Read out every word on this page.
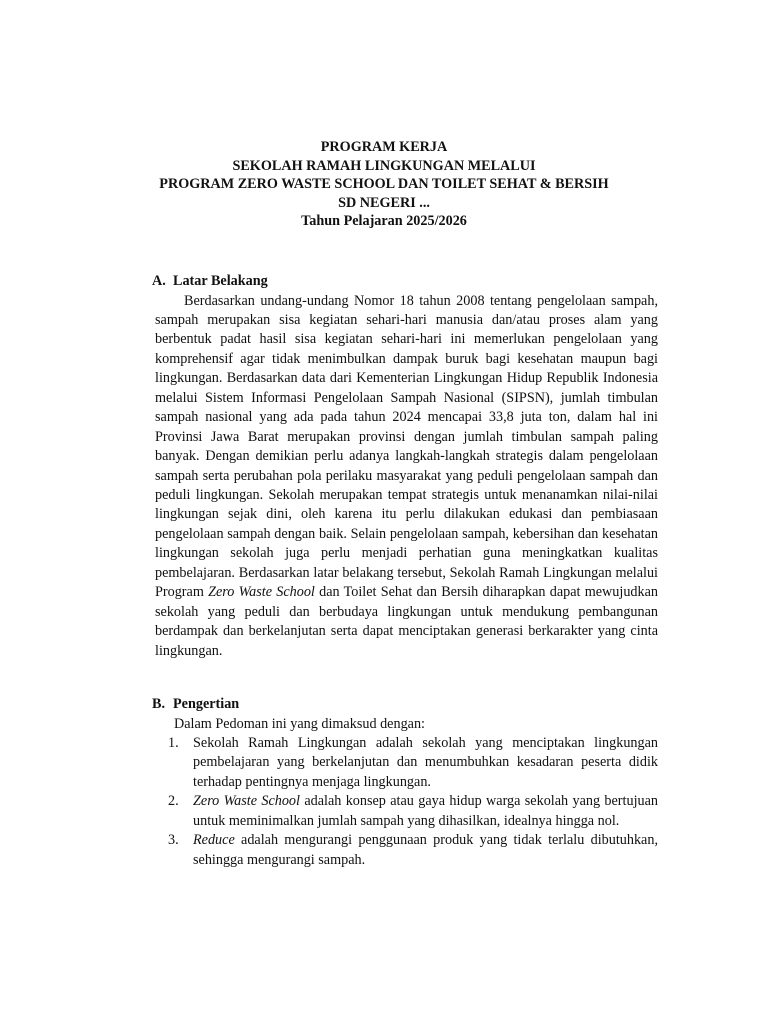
PROGRAM KERJA
SEKOLAH RAMAH LINGKUNGAN MELALUI
PROGRAM ZERO WASTE SCHOOL DAN TOILET SEHAT & BERSIH
SD NEGERI ...
Tahun Pelajaran 2025/2026
A. Latar Belakang
Berdasarkan undang-undang Nomor 18 tahun 2008 tentang pengelolaan sampah, sampah merupakan sisa kegiatan sehari-hari manusia dan/atau proses alam yang berbentuk padat hasil sisa kegiatan sehari-hari ini memerlukan pengelolaan yang komprehensif agar tidak menimbulkan dampak buruk bagi kesehatan maupun bagi lingkungan. Berdasarkan data dari Kementerian Lingkungan Hidup Republik Indonesia melalui Sistem Informasi Pengelolaan Sampah Nasional (SIPSN), jumlah timbulan sampah nasional yang ada pada tahun 2024 mencapai 33,8 juta ton, dalam hal ini Provinsi Jawa Barat merupakan provinsi dengan jumlah timbulan sampah paling banyak. Dengan demikian perlu adanya langkah-langkah strategis dalam pengelolaan sampah serta perubahan pola perilaku masyarakat yang peduli pengelolaan sampah dan peduli lingkungan. Sekolah merupakan tempat strategis untuk menanamkan nilai-nilai lingkungan sejak dini, oleh karena itu perlu dilakukan edukasi dan pembiasaan pengelolaan sampah dengan baik. Selain pengelolaan sampah, kebersihan dan kesehatan lingkungan sekolah juga perlu menjadi perhatian guna meningkatkan kualitas pembelajaran. Berdasarkan latar belakang tersebut, Sekolah Ramah Lingkungan melalui Program Zero Waste School dan Toilet Sehat dan Bersih diharapkan dapat mewujudkan sekolah yang peduli dan berbudaya lingkungan untuk mendukung pembangunan berdampak dan berkelanjutan serta dapat menciptakan generasi berkarakter yang cinta lingkungan.
B. Pengertian
Dalam Pedoman ini yang dimaksud dengan:
1. Sekolah Ramah Lingkungan adalah sekolah yang menciptakan lingkungan pembelajaran yang berkelanjutan dan menumbuhkan kesadaran peserta didik terhadap pentingnya menjaga lingkungan.
2. Zero Waste School adalah konsep atau gaya hidup warga sekolah yang bertujuan untuk meminimalkan jumlah sampah yang dihasilkan, idealnya hingga nol.
3. Reduce adalah mengurangi penggunaan produk yang tidak terlalu dibutuhkan, sehingga mengurangi sampah.
